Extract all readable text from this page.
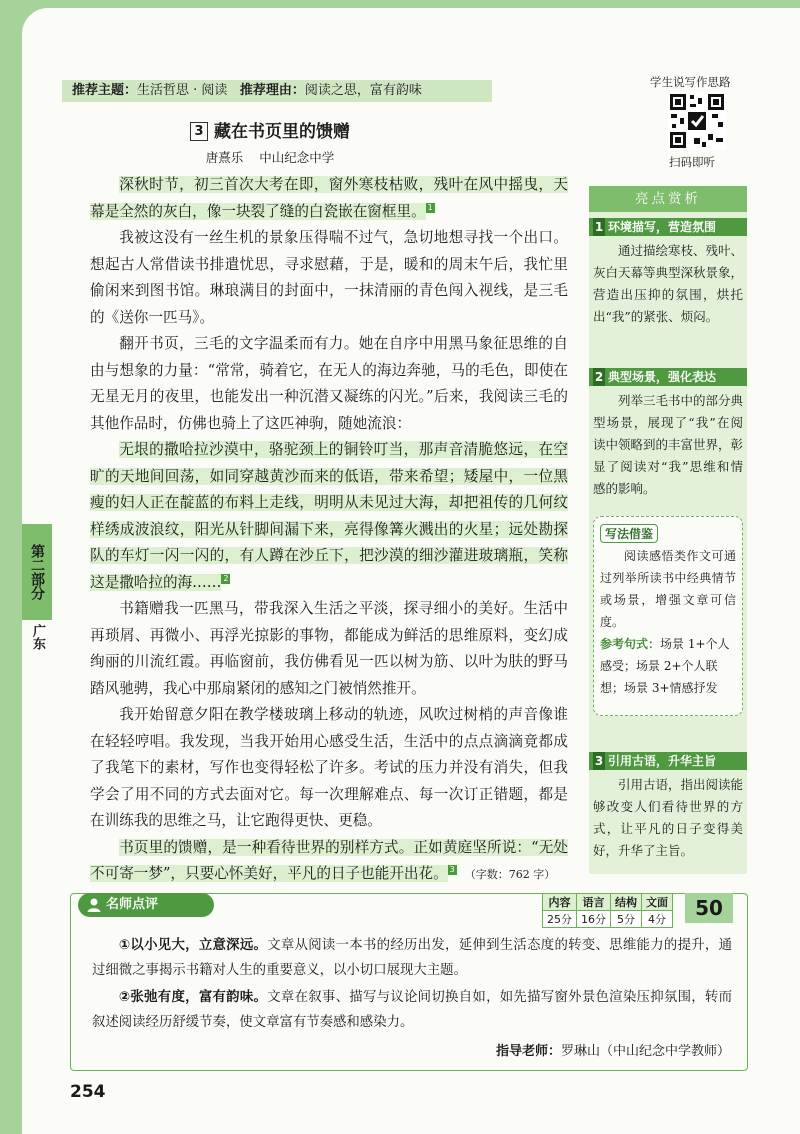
推荐主题：生活哲思 · 阅读 推荐理由：阅读之思，富有韵味
学生说写作思路
扫码即听
3 藏在书页里的馈赠
唐熹乐 中山纪念中学

深秋时节，初三首次大考在即，窗外寒枝枯败，残叶在风中摇曳，天幕是全然的灰白，像一块裂了缝的白瓷嵌在窗框里。 1

我被这没有一丝生机的景象压得喘不过气，急切地想寻找一个出口。想起古人常借读书排遣忧思，寻求慰藉，于是，暖和的周末午后，我忙里偷闲来到图书馆。琳琅满目的封面中，一抹清丽的青色闯入视线，是三毛的《送你一匹马》。

翻开书页，三毛的文字温柔而有力。她在自序中用黑马象征思维的自由与想象的力量：“常常，骑着它，在无人的海边奔驰，马的毛色，即使在无星无月的夜里，也能发出一种沉潜又凝练的闪光。”后来，我阅读三毛的其他作品时，仿佛也骑上了这匹神驹，随她流浪：

无垠的撒哈拉沙漠中，骆驼颈上的铜铃叮当，那声音清脆悠远，在空旷的天地间回荡，如同穿越黄沙而来的低语，带来希望；矮屋中，一位黑瘦的妇人正在靛蓝的布料上走线，明明从未见过大海，却把祖传的几何纹样绣成波浪纹，阳光从针脚间漏下来，亮得像篝火溅出的火星；远处勘探队的车灯一闪一闪的，有人蹲在沙丘下，把沙漠的细沙灌进玻璃瓶，笑称这是撒哈拉的海…… 2

书籍赠我一匹黑马，带我深入生活之平淡，探寻细小的美好。生活中再琐屑、再微小、再浮光掠影的事物，都能成为鲜活的思维原料，变幻成绚丽的川流红霞。再临窗前，我仿佛看见一匹以树为筋、以叶为肤的野马踏风驰骋，我心中那扇紧闭的感知之门被悄然推开。

我开始留意夕阳在教学楼玻璃上移动的轨迹，风吹过树梢的声音像谁在轻轻哼唱。我发现，当我开始用心感受生活，生活中的点点滴滴竟都成了我笔下的素材，写作也变得轻松了许多。考试的压力并没有消失，但我学会了用不同的方式去面对它。每一次理解难点、每一次订正错题，都是在训练我的思维之马，让它跑得更快、更稳。

书页里的馈赠，是一种看待世界的别样方式。正如黄庭坚所说：“无处不可寄一梦”，只要心怀美好，平凡的日子也能开出花。 3 （字数：762 字）

亮点赏析
1 环境描写，营造氛围
通过描绘寒枝、残叶、灰白天幕等典型深秋景象，营造出压抑的氛围，烘托出“我”的紧张、烦闷。
2 典型场景，强化表达
列举三毛书中的部分典型场景，展现了“我”在阅读中领略到的丰富世界，彰显了阅读对“我”思维和情感的影响。
写法借鉴

阅读感悟类作文可通过列举所读书中经典情节或场景，增强文章可信度。

参考句式：场景 1+个人感受；场景 2+个人联想；场景 3+情感抒发

3 引用古语，升华主旨
引用古语，指出阅读能够改变人们看待世界的方式，让平凡的日子变得美好，升华了主旨。
第二部分
广东
名师点评	内容	语言	结构	文面
25分	16分	5分	4分	50
①以小见大，立意深远。文章从阅读一本书的经历出发，延伸到生活态度的转变、思维能力的提升，通过细微之事揭示书籍对人生的重要意义，以小切口展现大主题。
②张弛有度，富有韵味。文章在叙事、描写与议论间切换自如，如先描写窗外景色渲染压抑氛围，转而叙述阅读经历舒缓节奏，使文章富有节奏感和感染力。
指导老师：罗琳山（中山纪念中学教师）
254
